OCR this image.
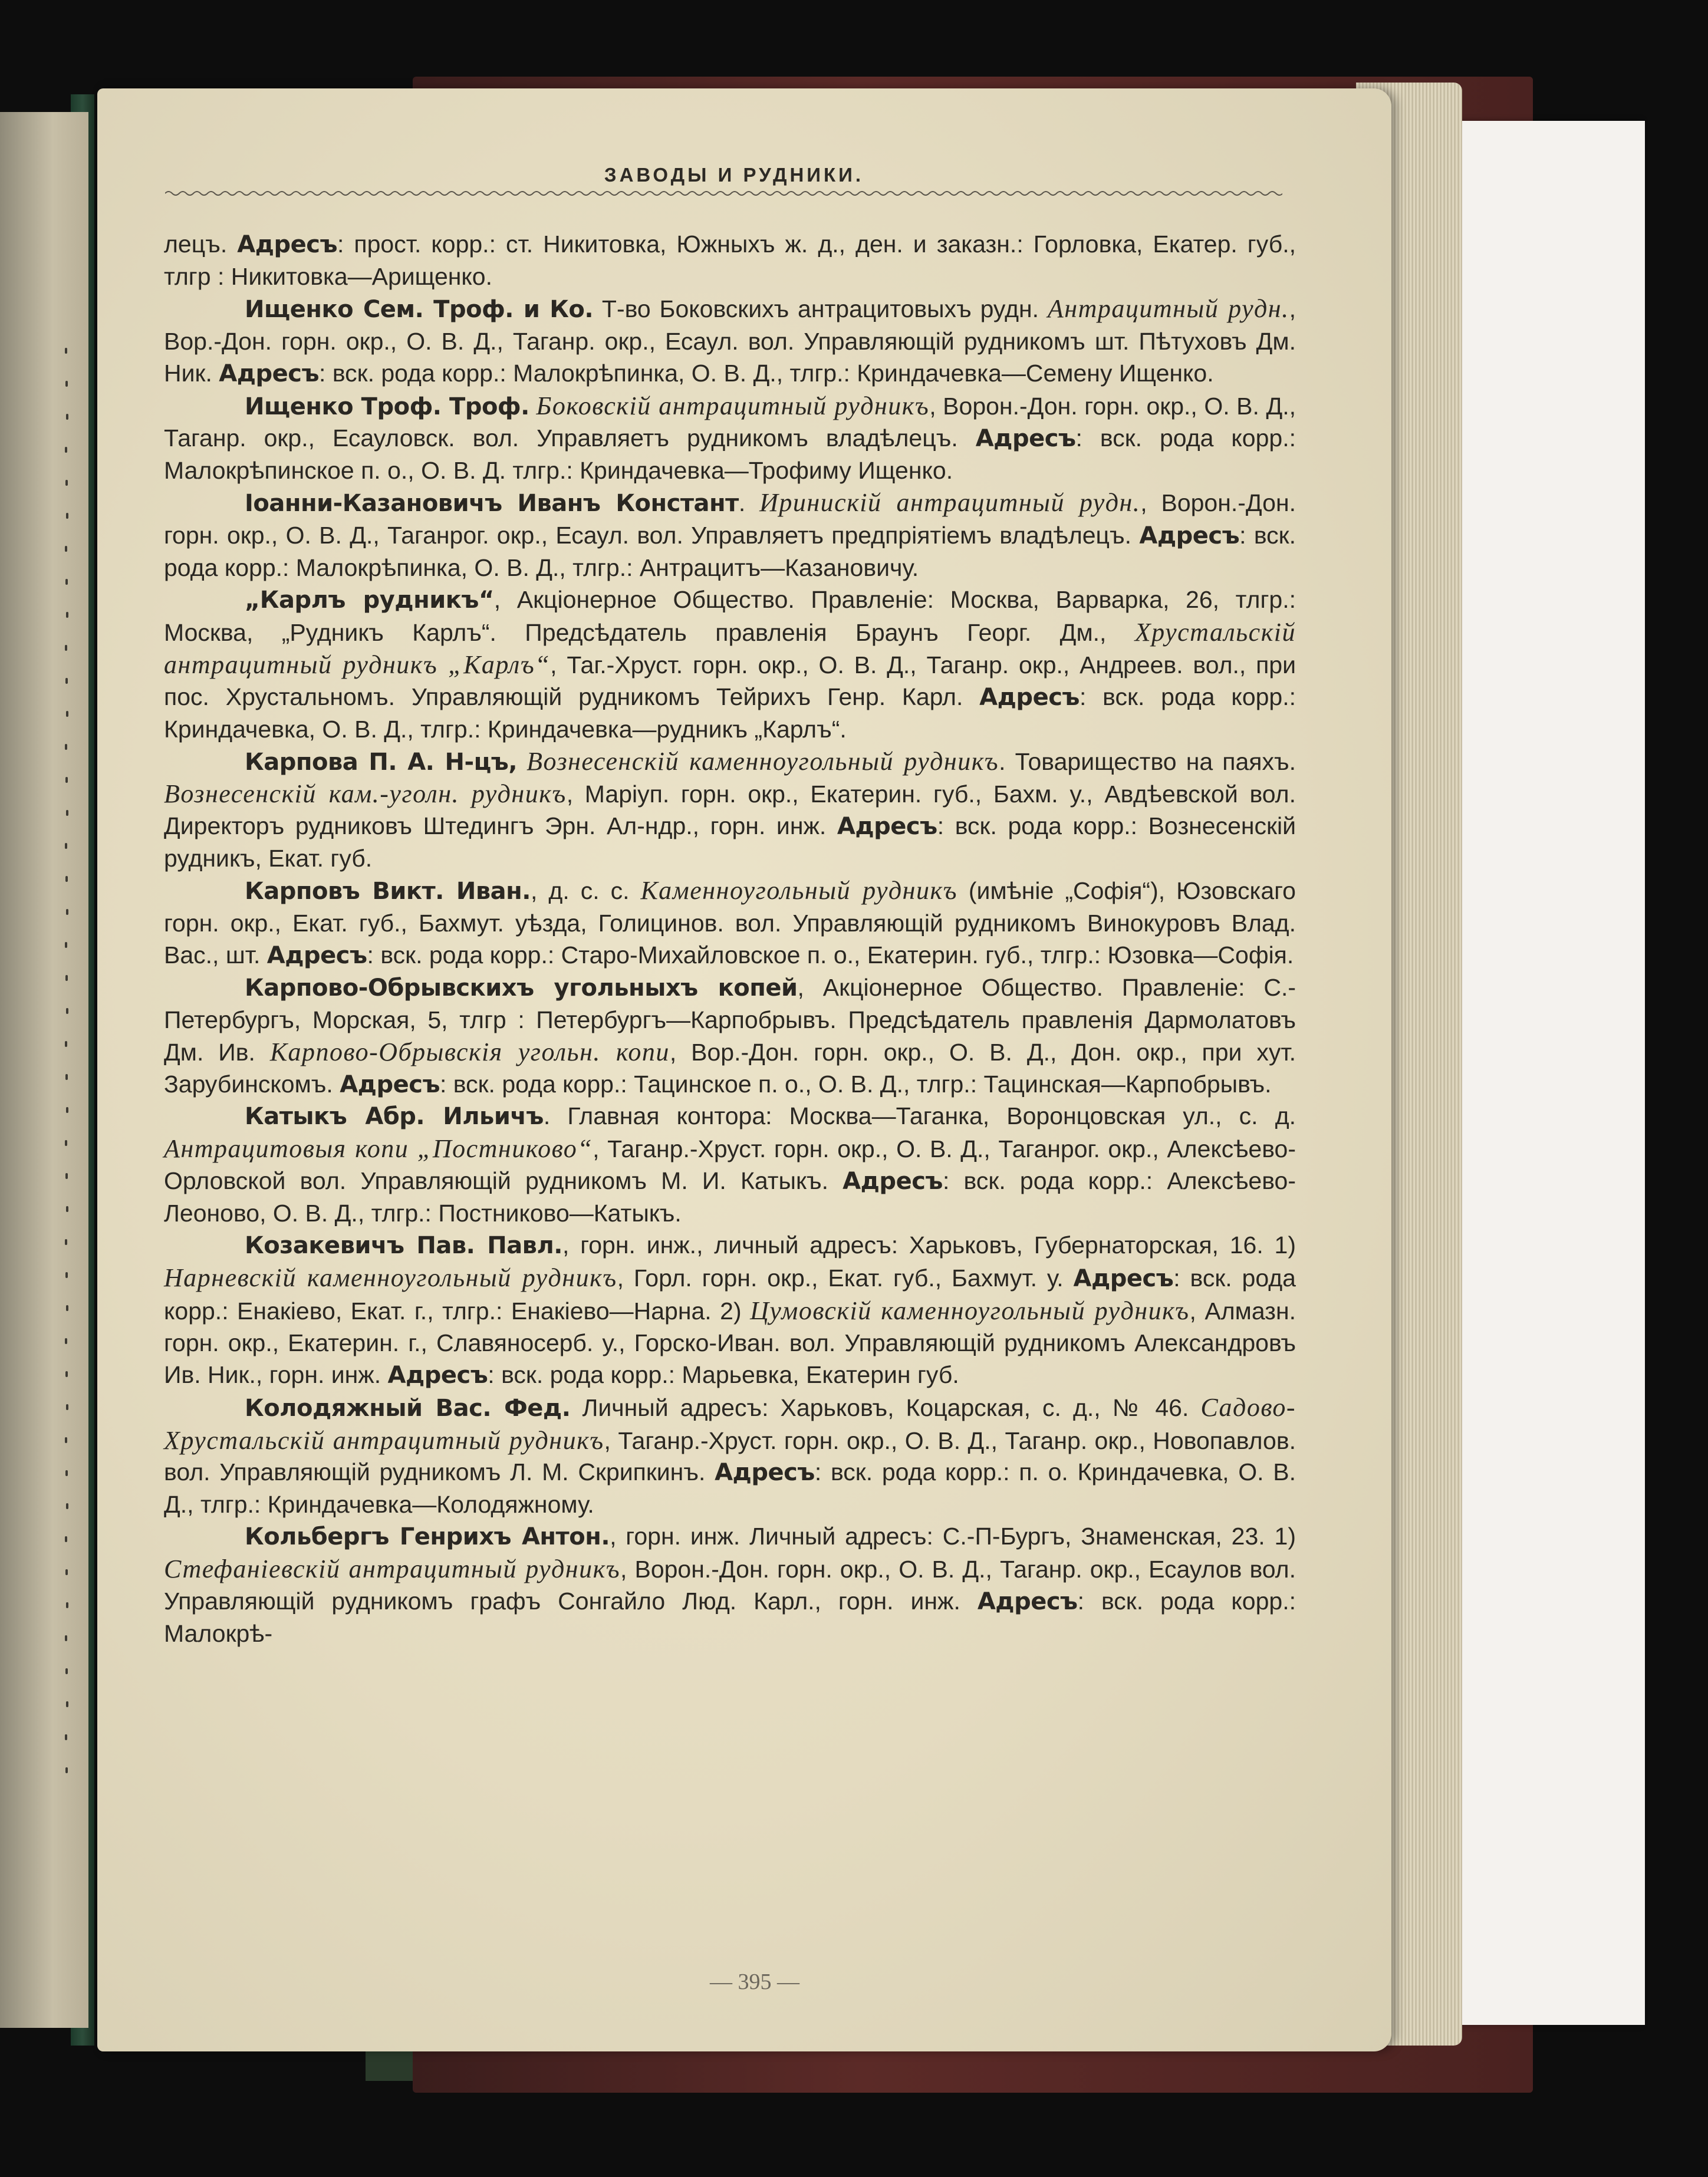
ЗАВОДЫ И РУДНИКИ.

лецъ. Адресъ: прост. корр.: ст. Никитовка, Южныхъ ж. д., ден. и заказн.: Горловка, Екатер. губ., тлгр : Никитовка—Арищенко.

Ищенко Сем. Троф. и Ко. Т-во Боковскихъ антрацитовыхъ рудн. Антрацитный рудн., Вор.-Дон. горн. окр., О. В. Д., Таганр. окр., Есаул. вол. Управляющій рудникомъ шт. Пѣтуховъ Дм. Ник. Адресъ: вск. рода корр.: Малокрѣпинка, О. В. Д., тлгр.: Криндачевка—Семену Ищенко.

Ищенко Троф. Троф. Боковскій антрацитный рудникъ, Ворон.-Дон. горн. окр., О. В. Д., Таганр. окр., Есауловск. вол. Управляетъ рудникомъ владѣлецъ. Адресъ: вск. рода корр.: Малокрѣпинское п. о., О. В. Д. тлгр.: Криндачевка—Трофиму Ищенко.

Іоанни-Казановичъ Иванъ Констант. Иринискій антрацитный рудн., Ворон.-Дон. горн. окр., О. В. Д., Таганрог. окр., Есаул. вол. Управляетъ предпріятіемъ владѣлецъ. Адресъ: вск. рода корр.: Малокрѣпинка, О. В. Д., тлгр.: Антрацитъ—Казановичу.

„Карлъ рудникъ“, Акціонерное Общество. Правленіе: Москва, Варварка, 26, тлгр.: Москва, „Рудникъ Карлъ“. Предсѣдатель правленія Браунъ Георг. Дм., Хрустальскій антрацитный рудникъ „Карлъ“, Таг.-Хруст. горн. окр., О. В. Д., Таганр. окр., Андреев. вол., при пос. Хрустальномъ. Управляющій рудникомъ Тейрихъ Генр. Карл. Адресъ: вск. рода корр.: Криндачевка, О. В. Д., тлгр.: Криндачевка—рудникъ „Карлъ“.

Карпова П. А. Н-цъ, Вознесенскій каменноугольный рудникъ. Товарищество на паяхъ. Вознесенскій кам.-уголн. рудникъ, Маріуп. горн. окр., Екатерин. губ., Бахм. у., Авдѣевской вол. Директоръ рудниковъ Штедингъ Эрн. Ал-ндр., горн. инж. Адресъ: вск. рода корр.: Вознесенскій рудникъ, Екат. губ.

Карповъ Викт. Иван., д. с. с. Каменноугольный рудникъ (имѣніе „Софія“), Юзовскаго горн. окр., Екат. губ., Бахмут. уѣзда, Голицинов. вол. Управляющій рудникомъ Винокуровъ Влад. Вас., шт. Адресъ: вск. рода корр.: Старо-Михайловское п. о., Екатерин. губ., тлгр.: Юзовка—Софія.

Карпово-Обрывскихъ угольныхъ копей, Акціонерное Общество. Правленіе: С.-Петербургъ, Морская, 5, тлгр : Петербургъ—Карпобрывъ. Предсѣдатель правленія Дармолатовъ Дм. Ив. Карпово-Обрывскія угольн. копи, Вор.-Дон. горн. окр., О. В. Д., Дон. окр., при хут. Зарубинскомъ. Адресъ: вск. рода корр.: Тацинское п. о., О. В. Д., тлгр.: Тацинская—Карпобрывъ.

Катыкъ Абр. Ильичъ. Главная контора: Москва—Таганка, Воронцовская ул., с. д. Антрацитовыя копи „Постниково“, Таганр.-Хруст. горн. окр., О. В. Д., Таганрог. окр., Алексѣево-Орловской вол. Управляющій рудникомъ М. И. Катыкъ. Адресъ: вск. рода корр.: Алексѣево-Леоново, О. В. Д., тлгр.: Постниково—Катыкъ.

Козакевичъ Пав. Павл., горн. инж., личный адресъ: Харьковъ, Губернаторская, 16. 1) Нарневскій каменноугольный рудникъ, Горл. горн. окр., Екат. губ., Бахмут. у. Адресъ: вск. рода корр.: Енакіево, Екат. г., тлгр.: Енакіево—Нарна. 2) Цумовскій каменноугольный рудникъ, Алмазн. горн. окр., Екатерин. г., Славяносерб. у., Горско-Иван. вол. Управляющій рудникомъ Александровъ Ив. Ник., горн. инж. Адресъ: вск. рода корр.: Марьевка, Екатерин губ.

Колодяжный Вас. Фед. Личный адресъ: Харьковъ, Коцарская, с. д., № 46. Садово-Хрустальскій антрацитный рудникъ, Таганр.-Хруст. горн. окр., О. В. Д., Таганр. окр., Новопавлов. вол. Управляющій рудникомъ Л. М. Скрипкинъ. Адресъ: вск. рода корр.: п. о. Криндачевка, О. В. Д., тлгр.: Криндачевка—Колодяжному.

Кольбергъ Генрихъ Антон., горн. инж. Личный адресъ: С.-П-Бургъ, Знаменская, 23. 1) Стефаніевскій антрацитный рудникъ, Ворон.-Дон. горн. окр., О. В. Д., Таганр. окр., Есаулов вол. Управляющій рудникомъ графъ Сонгайло Люд. Карл., горн. инж. Адресъ: вск. рода корр.: Малокрѣ-

— 395 —
